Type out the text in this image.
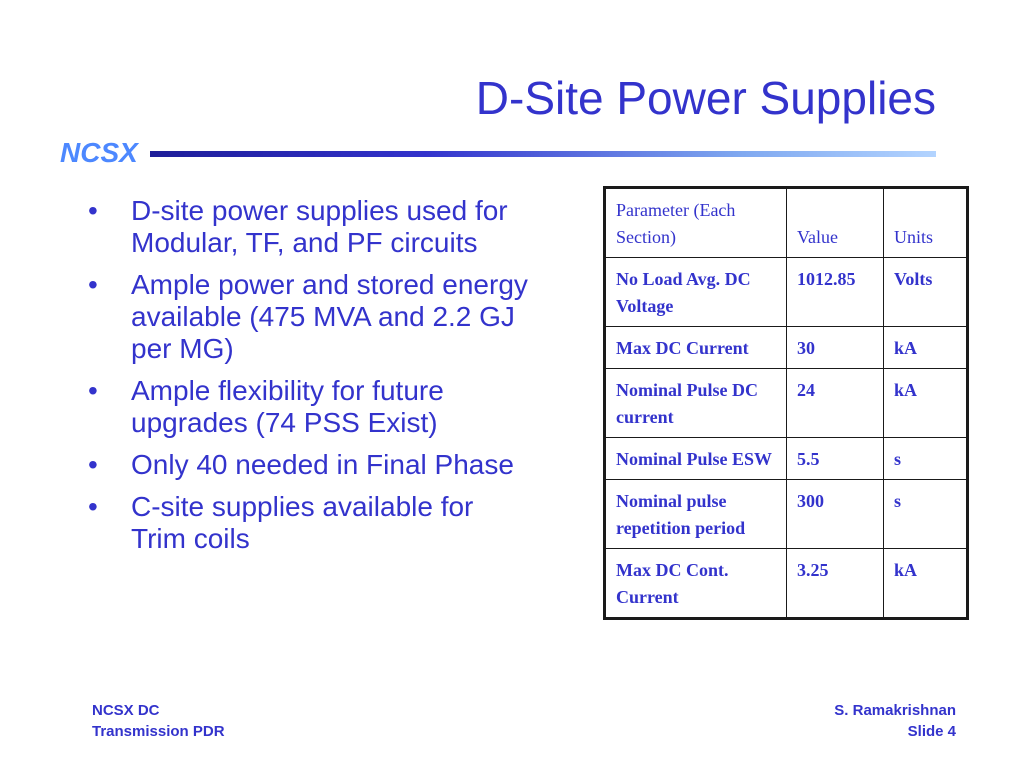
D-Site Power Supplies
NCSX
• D-site power supplies used for Modular, TF, and PF circuits
• Ample power and stored energy available (475 MVA and 2.2 GJ per MG)
• Ample flexibility for future upgrades (74 PSS Exist)
• Only 40 needed in Final Phase
• C-site supplies available for Trim coils
Parameter (Each Section)	Value	Units
No Load Avg. DC Voltage	1012.85	Volts
Max DC Current	30	kA
Nominal Pulse DC current	24	kA
Nominal Pulse ESW	5.5	s
Nominal pulse repetition period	300	s
Max DC Cont. Current	3.25	kA
NCSX DC
Transmission PDR
S. Ramakrishnan
Slide 4
